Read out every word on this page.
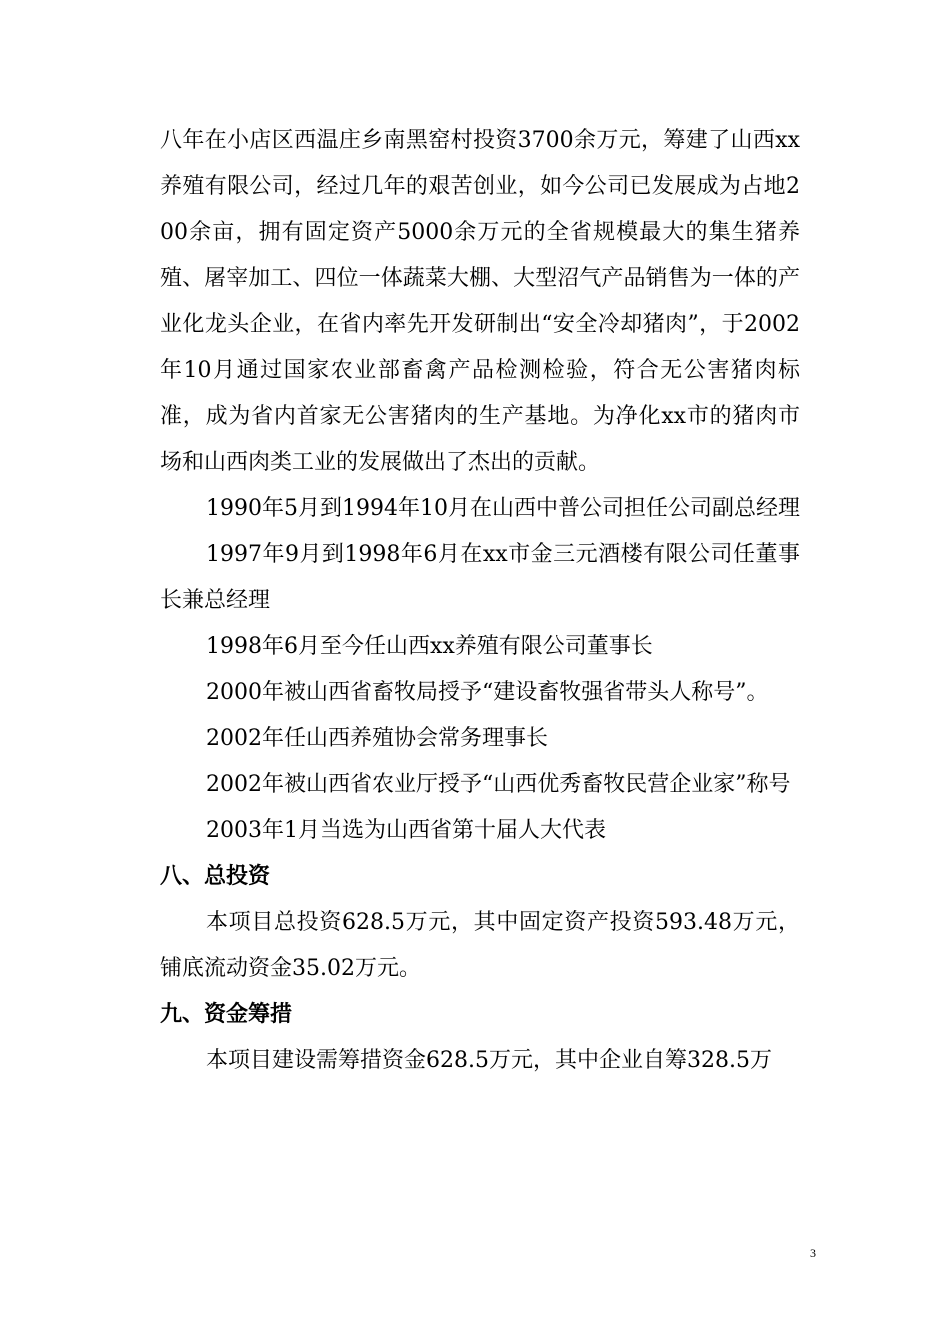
八年在小店区西温庄乡南黑窑村投资3700余万元，筹建了山西xx养殖有限公司，经过几年的艰苦创业，如今公司已发展成为占地200余亩，拥有固定资产5000余万元的全省规模最大的集生猪养殖、屠宰加工、四位一体蔬菜大棚、大型沼气产品销售为一体的产业化龙头企业，在省内率先开发研制出“安全冷却猪肉”，于2002年10月通过国家农业部畜禽产品检测检验，符合无公害猪肉标准，成为省内首家无公害猪肉的生产基地。为净化xx市的猪肉市场和山西肉类工业的发展做出了杰出的贡献。

1990年5月到1994年10月在山西中普公司担任公司副总经理

1997年9月到1998年6月在xx市金三元酒楼有限公司任董事长兼总经理

1998年6月至今任山西xx养殖有限公司董事长

2000年被山西省畜牧局授予“建设畜牧强省带头人称号”。

2002年任山西养殖协会常务理事长

2002年被山西省农业厅授予“山西优秀畜牧民营企业家”称号

2003年1月当选为山西省第十届人大代表

八、总投资

本项目总投资628.5万元，其中固定资产投资593.48万元，铺底流动资金35.02万元。

九、资金筹措

本项目建设需筹措资金628.5万元，其中企业自筹328.5万

3
